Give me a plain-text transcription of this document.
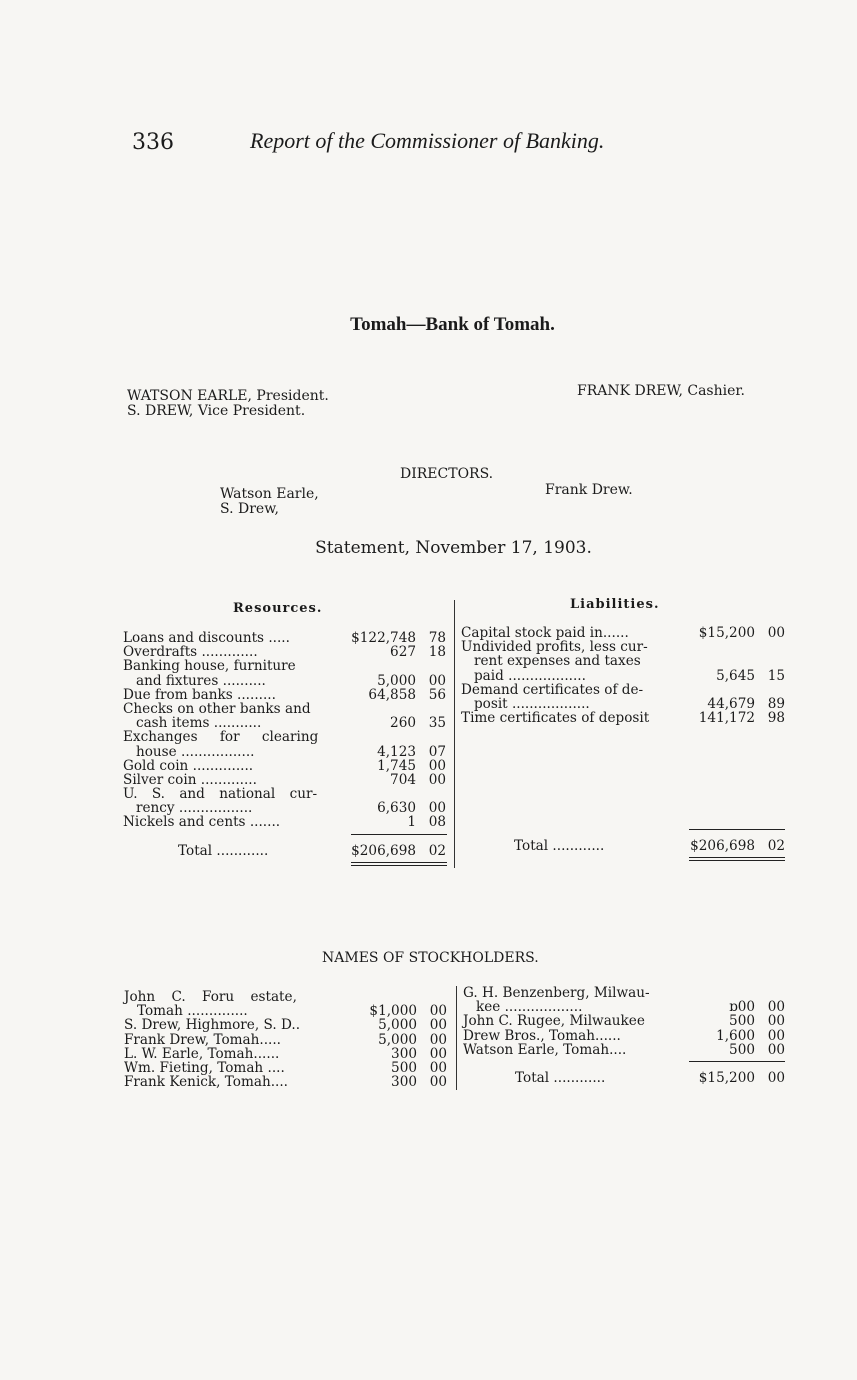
336	Report of the Commissioner of Banking.
Tomah—Bank of Tomah.
WATSON EARLE, President.
S. DREW, Vice President.
FRANK DREW, Cashier.
DIRECTORS.
Watson Earle,
S. Drew,
Frank Drew.
Statement, November 17, 1903.
Resources.
Loans and discounts .....	$122,748 78
Overdrafts .............	627 18
Banking house, furniture
and fixtures ..........	5,000 00
Due from banks .........	64,858 56
Checks on other banks and
cash items ...........	260 35
Exchanges for clearing
house .................	4,123 07
Gold coin ..............	1,745 00
Silver coin .............	704 00
U. S. and national cur-
rency .................	6,630 00
Nickels and cents .......	1 08
Total ............	$206,698 02
Liabilities.
Capital stock paid in......	$15,200 00
Undivided profits, less cur-
rent expenses and taxes
paid ..................	5,645 15
Demand certificates of de-
posit ..................	44,679 89
Time certificates of deposit	141,172 98
Total ............	$206,698 02
NAMES OF STOCKHOLDERS.
John C. Foru estate,
Tomah ..............	$1,000 00
S. Drew, Highmore, S. D..	5,000 00
Frank Drew, Tomah.....	5,000 00
L. W. Earle, Tomah......	300 00
Wm. Fieting, Tomah ....	500 00
Frank Kenick, Tomah....	300 00
G. H. Benzenberg, Milwau-
kee ..................	ɒ00 00
John C. Rugee, Milwaukee	500 00
Drew Bros., Tomah......	1,600 00
Watson Earle, Tomah....	500 00
Total ............	$15,200 00
